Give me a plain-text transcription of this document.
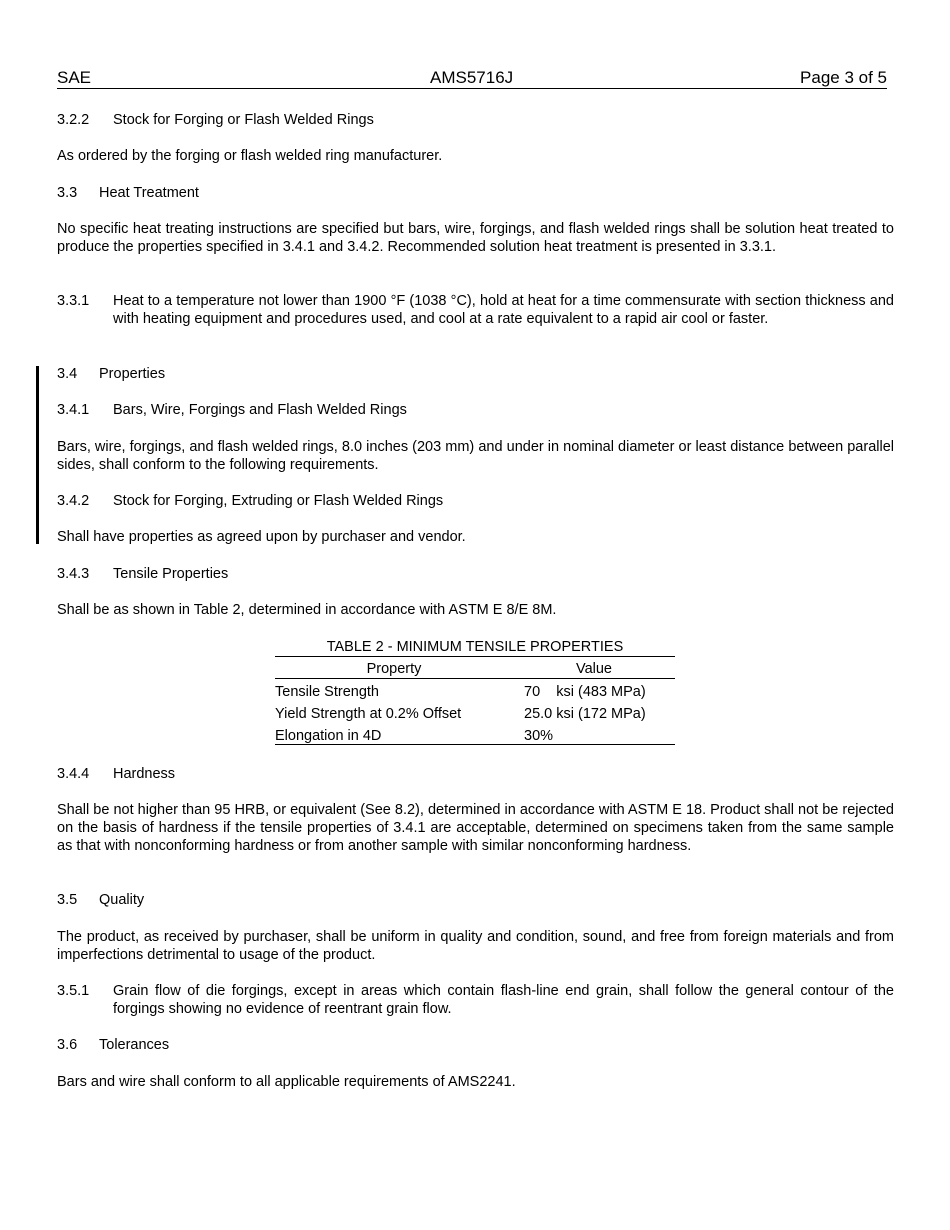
SAE	AMS5716J	Page 3 of 5
3.2.2 Stock for Forging or Flash Welded Rings
As ordered by the forging or flash welded ring manufacturer.
3.3 Heat Treatment
No specific heat treating instructions are specified but bars, wire, forgings, and flash welded rings shall be solution heat treated to produce the properties specified in 3.4.1 and 3.4.2. Recommended solution heat treatment is presented in 3.3.1.
3.3.1 Heat to a temperature not lower than 1900 °F (1038 °C), hold at heat for a time commensurate with section thickness and with heating equipment and procedures used, and cool at a rate equivalent to a rapid air cool or faster.
3.4 Properties
3.4.1 Bars, Wire, Forgings and Flash Welded Rings
Bars, wire, forgings, and flash welded rings, 8.0 inches (203 mm) and under in nominal diameter or least distance between parallel sides, shall conform to the following requirements.
3.4.2 Stock for Forging, Extruding or Flash Welded Rings
Shall have properties as agreed upon by purchaser and vendor.
3.4.3 Tensile Properties
Shall be as shown in Table 2, determined in accordance with ASTM E 8/E 8M.
TABLE 2 - MINIMUM TENSILE PROPERTIES
Property	Value
Tensile Strength	70    ksi (483 MPa)
Yield Strength at 0.2% Offset	25.0 ksi (172 MPa)
Elongation in 4D	30%
3.4.4 Hardness
Shall be not higher than 95 HRB, or equivalent (See 8.2), determined in accordance with ASTM E 18. Product shall not be rejected on the basis of hardness if the tensile properties of 3.4.1 are acceptable, determined on specimens taken from the same sample as that with nonconforming hardness or from another sample with similar nonconforming hardness.
3.5 Quality
The product, as received by purchaser, shall be uniform in quality and condition, sound, and free from foreign materials and from imperfections detrimental to usage of the product.
3.5.1 Grain flow of die forgings, except in areas which contain flash-line end grain, shall follow the general contour of the forgings showing no evidence of reentrant grain flow.
3.6 Tolerances
Bars and wire shall conform to all applicable requirements of AMS2241.
